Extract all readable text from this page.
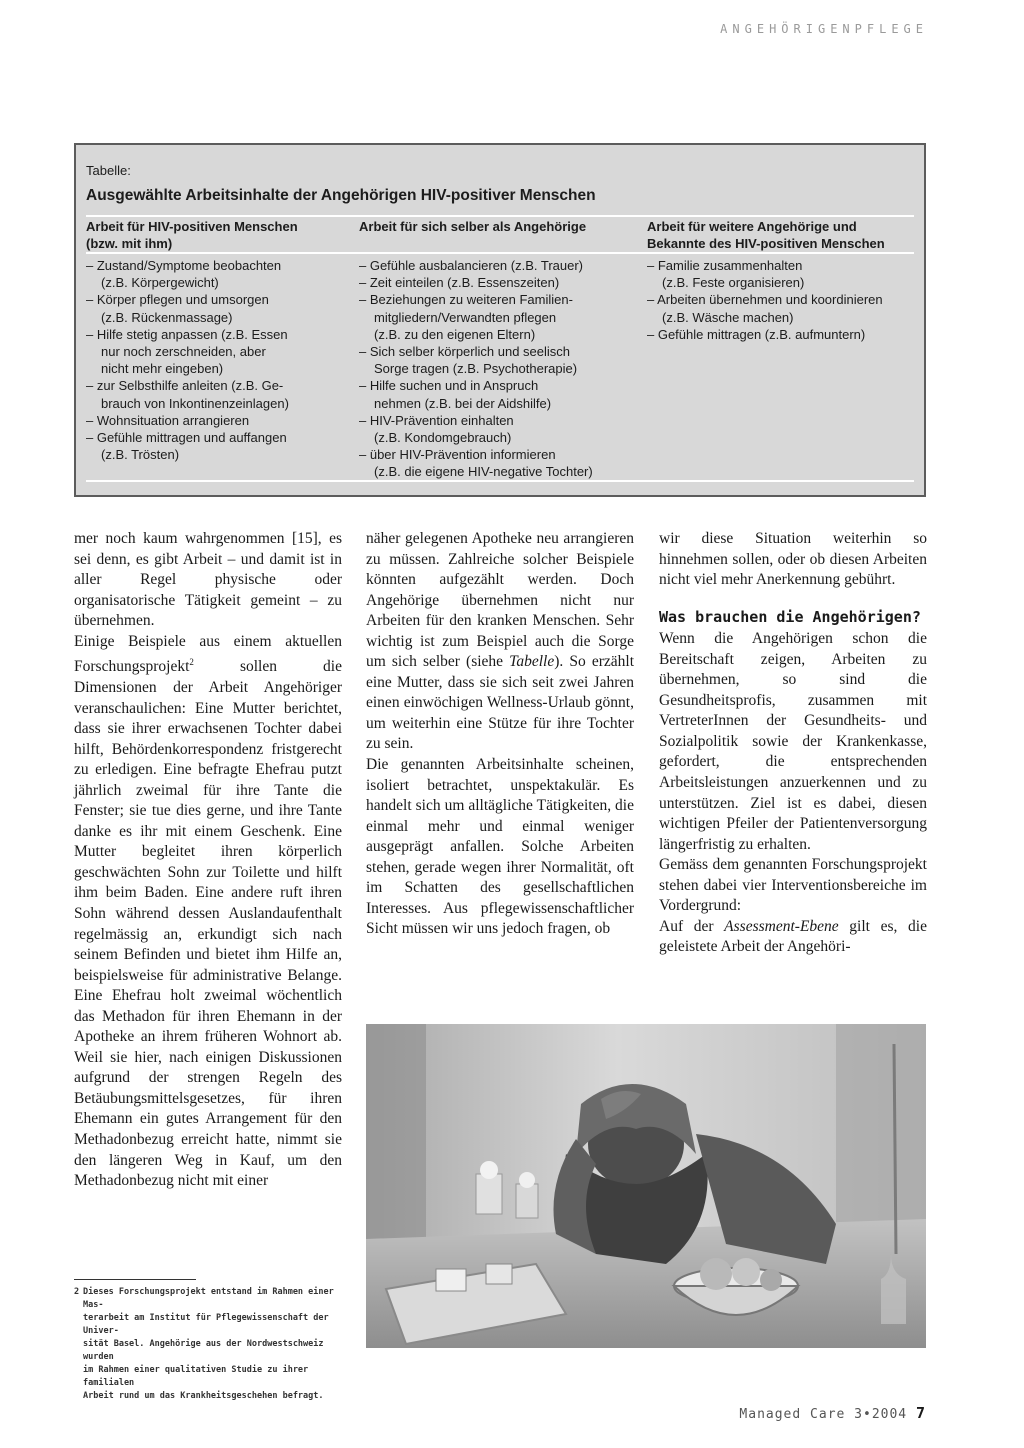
ANGEHÖRIGENPFLEGE
Tabelle:
Ausgewählte Arbeitsinhalte der Angehörigen HIV-positiver Menschen
Arbeit für HIV-positiven Menschen
(bzw. mit ihm)
Arbeit für sich selber als Angehörige	Arbeit für weitere Angehörige und
Bekannte des HIV-positiven Menschen
– Zustand/Symptome beobachten
(z.B. Körpergewicht)
– Körper pflegen und umsorgen
(z.B. Rückenmassage)
– Hilfe stetig anpassen (z.B. Essen
nur noch zerschneiden, aber
nicht mehr eingeben)
– zur Selbsthilfe anleiten (z.B. Ge-
brauch von Inkontinenzeinlagen)
– Wohnsituation arrangieren
– Gefühle mittragen und auffangen
(z.B. Trösten)
– Gefühle ausbalancieren (z.B. Trauer)
– Zeit einteilen (z.B. Essenszeiten)
– Beziehungen zu weiteren Familien-
mitgliedern/Verwandten pflegen
(z.B. zu den eigenen Eltern)
– Sich selber körperlich und seelisch
Sorge tragen (z.B. Psychotherapie)
– Hilfe suchen und in Anspruch
nehmen (z.B. bei der Aidshilfe)
– HIV-Prävention einhalten
(z.B. Kondomgebrauch)
– über HIV-Prävention informieren
(z.B. die eigene HIV-negative Tochter)
– Familie zusammenhalten
(z.B. Feste organisieren)
– Arbeiten übernehmen und koordinieren
(z.B. Wäsche machen)
– Gefühle mittragen (z.B. aufmuntern)

mer noch kaum wahrgenommen [15], es sei denn, es gibt Arbeit – und damit ist in aller Regel physische oder organisatorische Tätigkeit gemeint – zu übernehmen.

Einige Beispiele aus einem aktuellen Forschungsprojekt$^2$ sollen die Dimensionen der Arbeit Angehöriger veranschaulichen: Eine Mutter berichtet, dass sie ihrer erwachsenen Tochter dabei hilft, Behördenkorrespondenz fristgerecht zu erledigen. Eine befragte Ehefrau putzt jährlich zweimal für ihre Tante die Fenster; sie tue dies gerne, und ihre Tante danke es ihr mit einem Geschenk. Eine Mutter begleitet ihren körperlich geschwächten Sohn zur Toilette und hilft ihm beim Baden. Eine andere ruft ihren Sohn während dessen Auslandaufenthalt regelmässig an, erkundigt sich nach seinem Befinden und bietet ihm Hilfe an, beispielsweise für administrative Belange. Eine Ehefrau holt zweimal wöchentlich das Methadon für ihren Ehemann in der Apotheke an ihrem früheren Wohnort ab. Weil sie hier, nach einigen Diskussionen aufgrund der strengen Regeln des Betäubungsmittelsgesetzes, für ihren Ehemann ein gutes Arrangement für den Methadonbezug erreicht hatte, nimmt sie den längeren Weg in Kauf, um den Methadonbezug nicht mit einer

näher gelegenen Apotheke neu arrangieren zu müssen. Zahlreiche solcher Beispiele könnten aufgezählt werden. Doch Angehörige übernehmen nicht nur Arbeiten für den kranken Menschen. Sehr wichtig ist zum Beispiel auch die Sorge um sich selber (siehe Tabelle). So erzählt eine Mutter, dass sie sich seit zwei Jahren einen einwöchigen Wellness-Urlaub gönnt, um weiterhin eine Stütze für ihre Tochter zu sein.

Die genannten Arbeitsinhalte scheinen, isoliert betrachtet, unspektakulär. Es handelt sich um alltägliche Tätigkeiten, die einmal mehr und einmal weniger ausgeprägt anfallen. Solche Arbeiten stehen, gerade wegen ihrer Normalität, oft im Schatten des gesellschaftlichen Interesses. Aus pflegewissenschaftlicher Sicht müssen wir uns jedoch fragen, ob

wir diese Situation weiterhin so hinnehmen sollen, oder ob diesen Arbeiten nicht viel mehr Anerkennung gebührt.

Was brauchen die Angehörigen?

Wenn die Angehörigen schon die Bereitschaft zeigen, Arbeiten zu übernehmen, so sind die Gesundheitsprofis, zusammen mit VertreterInnen der Gesundheits- und Sozialpolitik sowie der Krankenkasse, gefordert, die entsprechenden Arbeitsleistungen anzuerkennen und zu unterstützen. Ziel ist es dabei, diesen wichtigen Pfeiler der Patientenversorgung längerfristig zu erhalten.

Gemäss dem genannten Forschungsprojekt stehen dabei vier Interventionsbereiche im Vordergrund:

Auf der Assessment-Ebene gilt es, die geleistete Arbeit der Angehöri-

2 Dieses Forschungsprojekt entstand im Rahmen einer Mas-
terarbeit am Institut für Pflegewissenschaft der Univer-
sität Basel. Angehörige aus der Nordwestschweiz wurden
im Rahmen einer qualitativen Studie zu ihrer familialen
Arbeit rund um das Krankheitsgeschehen befragt.
Managed Care 3•2004 7
